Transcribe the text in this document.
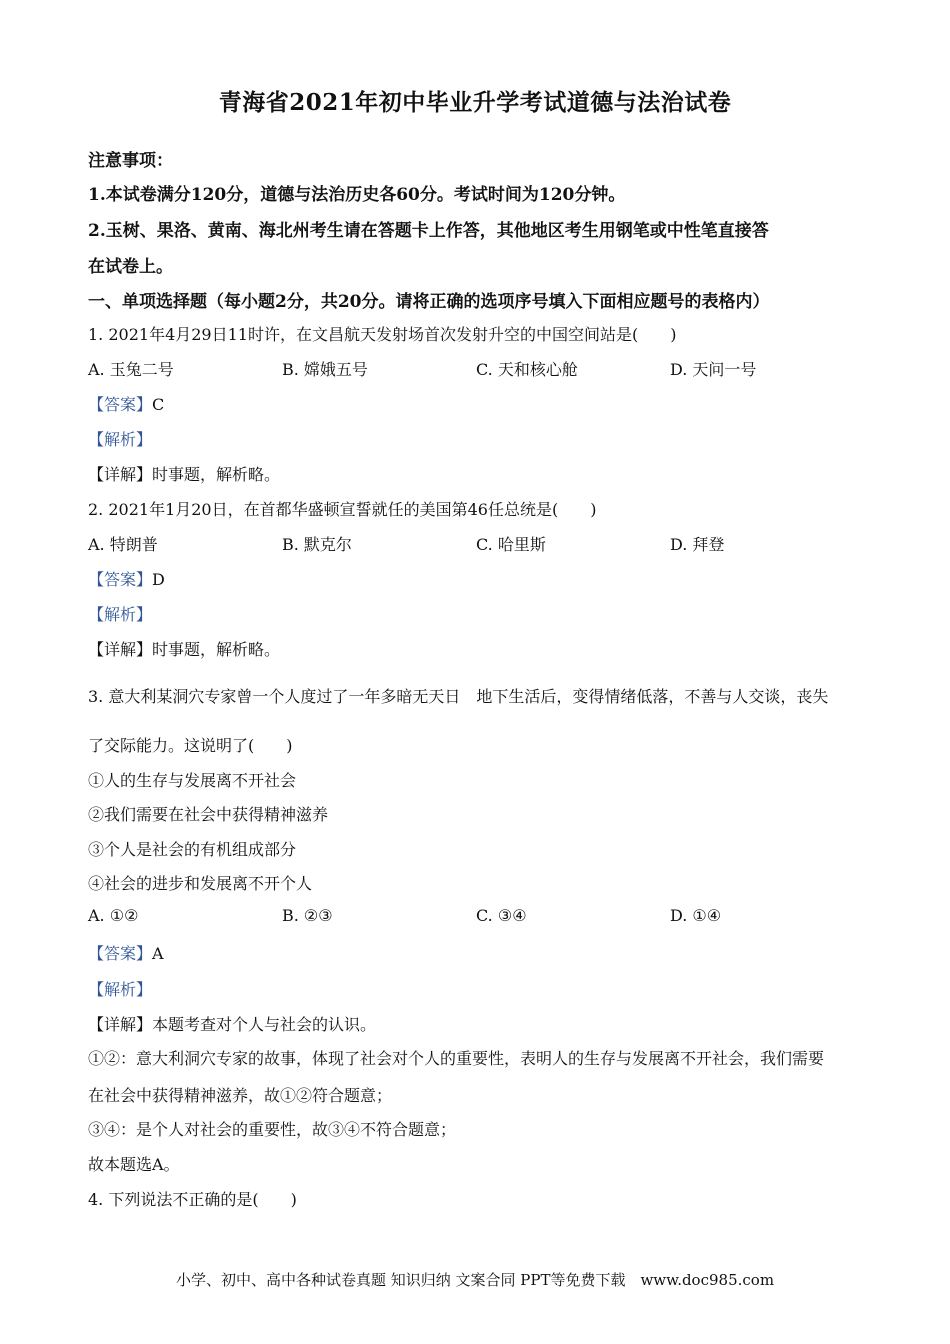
青海省2021年初中毕业升学考试道德与法治试卷
注意事项：
1.本试卷满分120分，道德与法治历史各60分。考试时间为120分钟。
2.玉树、果洛、黄南、海北州考生请在答题卡上作答，其他地区考生用钢笔或中性笔直接答
在试卷上。
一、单项选择题（每小题2分，共20分。请将正确的选项序号填入下面相应题号的表格内）
1. 2021年4月29日11时许，在文昌航天发射场首次发射升空的中国空间站是(　　)
A. 玉兔二号	B. 嫦娥五号	C. 天和核心舱	D. 天问一号
【答案】C
【解析】
【详解】时事题，解析略。
2. 2021年1月20日，在首都华盛顿宣誓就任的美国第46任总统是(　　)
A. 特朗普	B. 默克尔	C. 哈里斯	D. 拜登
【答案】D
【解析】
【详解】时事题，解析略。
3. 意大利某洞穴专家曾一个人度过了一年多暗无天日　地下生活后，变得情绪低落，不善与人交谈，丧失
了交际能力。这说明了(　　)
①人的生存与发展离不开社会
②我们需要在社会中获得精神滋养
③个人是社会的有机组成部分
④社会的进步和发展离不开个人
A. ①②	B. ②③	C. ③④	D. ①④
【答案】A
【解析】
【详解】本题考查对个人与社会的认识。
①②：意大利洞穴专家的故事，体现了社会对个人的重要性，表明人的生存与发展离不开社会，我们需要
在社会中获得精神滋养，故①②符合题意；
③④：是个人对社会的重要性，故③④不符合题意；
故本题选A。
4. 下列说法不正确的是(　　)
小学、初中、高中各种试卷真题 知识归纳 文案合同 PPT等免费下载　www.doc985.com
